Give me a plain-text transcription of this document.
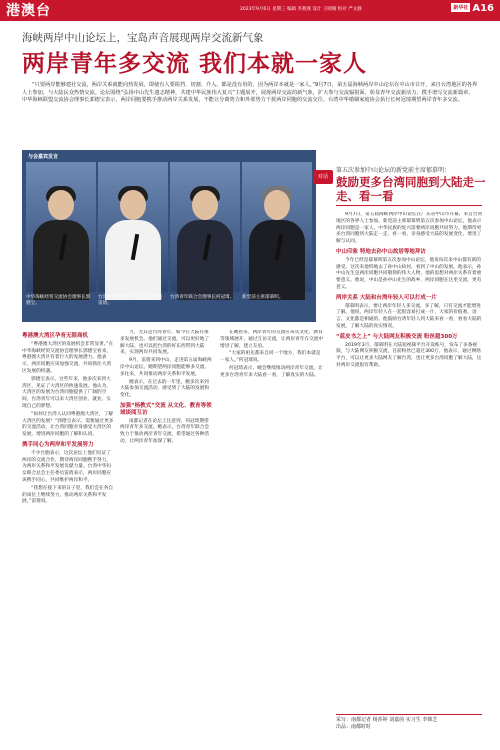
港澳台	2023年9月6日 星期三 编辑 李燕燕 设计 王晴晴 校对 严文静	新华社 A16
海峡两岸中山论坛上，宝岛声音展现两岸交流新气象
两岸青年多交流 我们本就一家人
“只要两岸能够建社交流，两岸关系就能向热发展，即使有人要阻挡、切割、介入，都是没有用的，因为两岸本就是一家人。”9月7日，第五届海峡两岸中山论坛在中山市召开，来自台湾地区的各界人士参加，与大陆民众热情交流。论坛围绕“弘扬中山先生遗志精神，共建中华民族伟大复兴”主题展开，展现两岸交流的新气象，扩大参与交流辐射面，彰显青年交流新活力，携手谱写交流新篇章。中华海峡联盟交流协会理事长郭德宝表示，两岸同胞要携手推动两岸关系发展，不能让分离势力和外部势力干扰两岸同胞的交流交往。台湾中华婚姻家庭协会执行长何冠琦期望两岸青年多交流。
与会嘉宾发言
中华海峡经贸交流协会理事长郭德宝。
台湾中华妇女联合总会主任委员雷倩。
台湾青年联合会理事长何冠琦。	新党前主席郁慕明。
对话
第五次参加中山论坛的新党前主席郁慕明：
鼓励更多台湾同胞到大陆走一走、看一看

9月7日，第五届海峡两岸中山论坛在广东省中山市开幕，来自台湾地区的各界人士参加。新党前主席郁慕明第五次参加中山论坛，他表示两岸同胞是一家人，中华民族的复兴需要两岸同胞共同努力。他期待更多台湾同胞到大陆走一走、看一看，亲身感受大陆的发展变化，增进了解与认同。

中山印象 特地去孙中山故居等地拜访

今年已经是郁慕明第五次参加中山论坛，他说每次来中山都有新的感受。这次来他特地去了孙中山故居，看到了中山的发展。他表示，孙中山先生是两岸同胞共同敬仰的伟大人物，他的思想对两岸关系有着重要意义。他说，中山是孙中山先生的故乡，两岸同胞在这里交流，更有意义。

两岸关系 大陆和台湾年轻人可以打成一片

郁慕明表示，要让两岸年轻人多交流，多了解，只有交流才能增进了解。他说，两岸年轻人在一起很容易打成一片，大家的价值观、语言、文化都是相通的。他鼓励台湾年轻人到大陆来看一看，看看大陆的发展，了解大陆的真实情况。

“蓝皮书之上” 与大陆网友积极交流 粉丝超300万

2019年3月，郁慕明在大陆短视频平台开设账号，发布了多条视频，与大陆网友积极交流，目前粉丝已超过300万。他表示，通过网络平台，可以让更多大陆网友了解台湾，也让更多台湾同胞了解大陆，这对两岸交流很有帮助。

采写：南都记者 杨莎婷 刘嘉茵 实习生 李锦芝
出品：南都时时
粤港澳大湾区孕育无限商机

“粤港澳大湾区的发展机会非常显著。”在中华海峡经贸交流协会理事长郭德宝看来，粤港澳大湾区有着巨大的发展潜力。他表示，两岸同胞应该加强交流，共同抓住大湾区发展的机遇。

郭德宝表示，这些年来，他多次来到大湾区，见证了大湾区的快速发展。他认为，大湾区的发展为台湾同胞提供了广阔的空间，台湾青年可以来大湾区创业、就业，实现自己的梦想。

“如何让台湾人认同粤港澳大湾区，了解大湾区的发展？”郭德宝表示，需要通过更多的交流活动，让台湾同胞亲身感受大湾区的发展，增进两岸同胞的了解和认同。

携手同心为两岸和平发展努力

不少台胞表示，这次论坛上他们见证了两岸的交流合作，期待两岸同胞携手努力，为两岸关系和平发展贡献力量。台湾中华妇女联合总会主任委员雷倩表示，两岸同胞应该携手同心，共同维护两岸和平。

“我想在接下来的日子里，我们会在各自的岗位上继续努力，推动两岸关系和平发展。”雷倩说。

力，尤其是台湾青年，如今在大陆有很多发展机会。他们通过交流，可以更好地了解大陆，也可以把台湾的好东西带到大陆来，实现两岸共同发展。

9月，雷倩来到中山，走进第五届海峡两岸中山论坛，她期望两岸同胞能够多交流、多往来，共同推动两岸关系和平发展。

她表示，在过去的一年里，她多次来到大陆参加交流活动，感受到了大陆的发展和变化。

加强“杨教式”交流 从文化、教育等领域谈阅互访

南都记者在论坛上注意到，何冠琦期望两岸青年多交流。她表示，台湾青年联合会致力于推动两岸青年交流，希望通过各种活动，让两岸青年加深了解。

在她看来，两岸青年的交流应该从文化、教育等领域展开，通过互访交流，让两岸青年在交流中增进了解，建立友谊。

“大家的祖先都来自同一个地方，我们本就是一家人。”何冠琦说。

何冠琦表示，她会继续推动两岸青年交流，让更多台湾青年来大陆看一看，了解真实的大陆。
